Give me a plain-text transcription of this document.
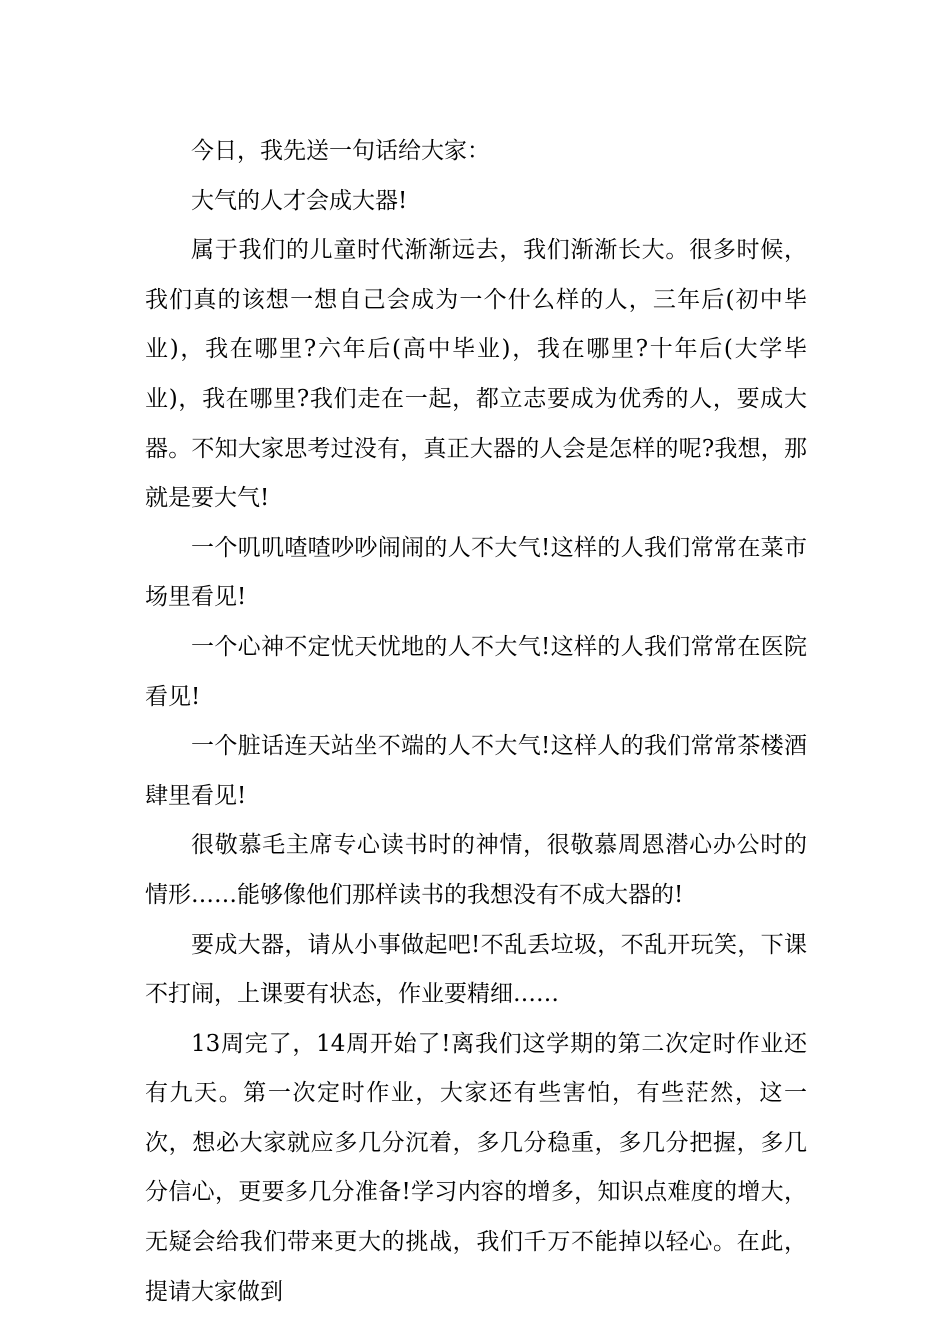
今日，我先送一句话给大家：

大气的人才会成大器!

属于我们的儿童时代渐渐远去，我们渐渐长大。很多时候，我们真的该想一想自己会成为一个什么样的人，三年后(初中毕业)，我在哪里?六年后(高中毕业)，我在哪里?十年后(大学毕业)，我在哪里?我们走在一起，都立志要成为优秀的人，要成大器。不知大家思考过没有，真正大器的人会是怎样的呢?我想，那就是要大气!

一个叽叽喳喳吵吵闹闹的人不大气!这样的人我们常常在菜市场里看见!

一个心神不定忧天忧地的人不大气!这样的人我们常常在医院看见!

一个脏话连天站坐不端的人不大气!这样人的我们常常茶楼酒肆里看见!

很敬慕毛主席专心读书时的神情，很敬慕周恩潜心办公时的情形……能够像他们那样读书的我想没有不成大器的!

要成大器，请从小事做起吧!不乱丢垃圾，不乱开玩笑，下课不打闹，上课要有状态，作业要精细……

13周完了，14周开始了!离我们这学期的第二次定时作业还有九天。第一次定时作业，大家还有些害怕，有些茫然，这一次，想必大家就应多几分沉着，多几分稳重，多几分把握，多几分信心，更要多几分准备!学习内容的增多，知识点难度的增大，无疑会给我们带来更大的挑战，我们千万不能掉以轻心。在此，提请大家做到
